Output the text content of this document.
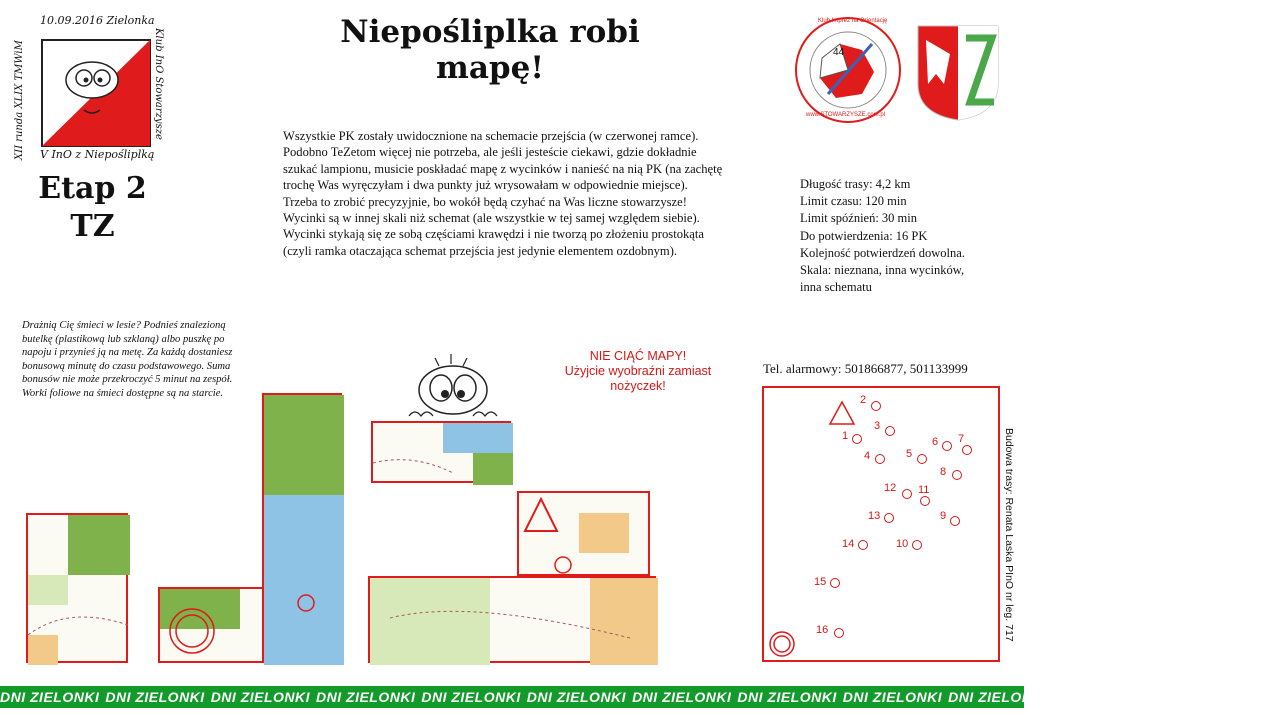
10.09.2016 Zielonka
XII runda XLIX TMWiM	Klub InO Stowarzysze
V InO z Niepośliplką
Niepośliplka robi mapę!	44
Klub Imprez na Orientację
www.STOWARZYSZE.com.pl
Etap 2
TZ
Wszystkie PK zostały uwidocznione na schemacie przejścia (w czerwonej ramce). Podobno TeZetom więcej nie potrzeba, ale jeśli jesteście ciekawi, gdzie dokładnie szukać lampionu, musicie poskładać mapę z wycinków i nanieść na nią PK (na zachętę trochę Was wyręczyłam i dwa punkty już wrysowałam w odpowiednie miejsce). Trzeba to zrobić precyzyjnie, bo wokół będą czyhać na Was liczne stowarzysze! Wycinki są w innej skali niż schemat (ale wszystkie w tej samej względem siebie). Wycinki stykają się ze sobą częściami krawędzi i nie tworzą po złożeniu prostokąta (czyli ramka otaczająca schemat przejścia jest jedynie elementem ozdobnym).
Długość trasy: 4,2 km
Limit czasu: 120 min
Limit spóźnień: 30 min
Do potwierdzenia: 16 PK
Kolejność potwierdzeń dowolna.
Skala: nieznana, inna wycinków,
inna schematu
Drażnią Cię śmieci w lesie? Podnieś znalezioną butelkę (plastikową lub szklaną) albo puszkę po napoju i przynieś ją na metę. Za każdą dostaniesz bonusową minutę do czasu podstawowego. Suma bonusów nie może przekroczyć 5 minut na zespół. Worki foliowe na śmieci dostępne są na starcie.
NIE CIĄĆ MAPY!
Użyjcie wyobraźni zamiast
nożyczek!
Tel. alarmowy: 501866877, 501133999
2
1
3
4	5
6 7
8
9
10
11
12
13
14
15
16	Budowa trasy: Renata Laska PInO nr leg. 717
DNI ZIELONKI DNI ZIELONKI DNI ZIELONKI DNI ZIELONKI DNI ZIELONKI DNI ZIELONKI DNI ZIELONKI DNI ZIELONKI DNI ZIELONKI DNI ZIELONKI DNI ZIELONKI DNI ZIELONKI
